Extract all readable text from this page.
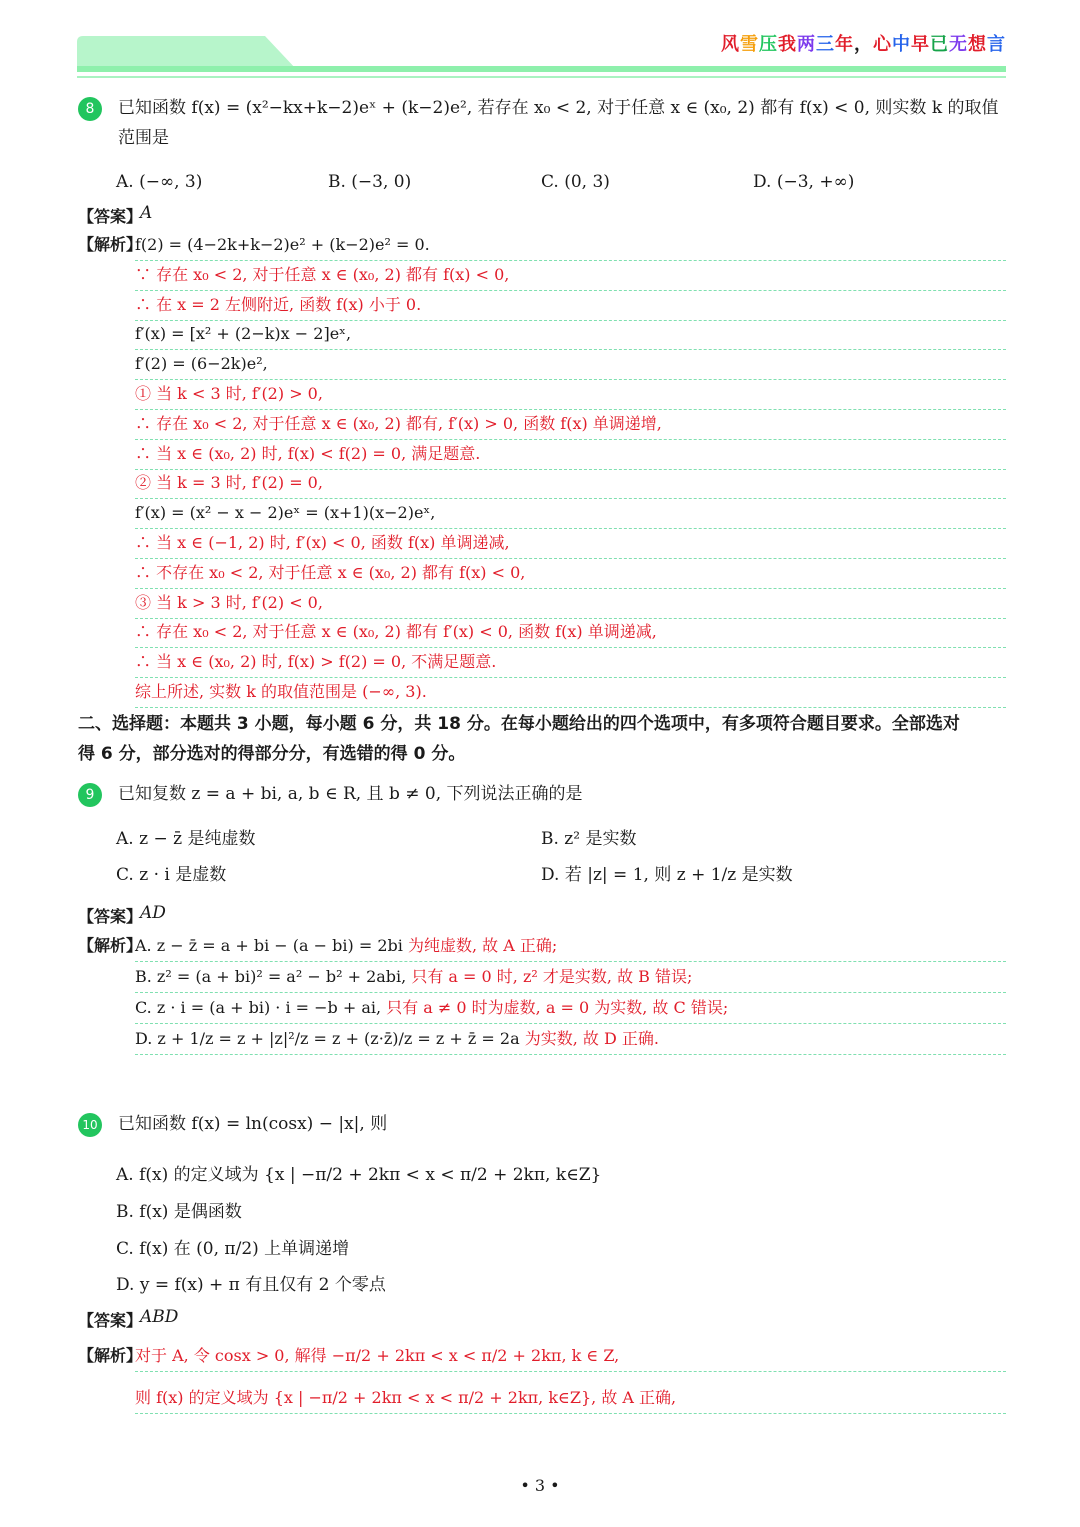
风雪压我两三年，心中早已无想言
8	已知函数 f(x) = (x²−kx+k−2)eˣ + (k−2)e², 若存在 x₀ < 2, 对于任意 x ∈ (x₀, 2) 都有 f(x) < 0, 则实数 k 的取值范围是
A. (−∞, 3)	B. (−3, 0)	C. (0, 3)	D. (−3, +∞)
【答案】
A
【解析】
f(2) = (4−2k+k−2)e² + (k−2)e² = 0.
∵ 存在 x₀ < 2, 对于任意 x ∈ (x₀, 2) 都有 f(x) < 0,
∴ 在 x = 2 左侧附近, 函数 f(x) 小于 0.
f′(x) = [x² + (2−k)x − 2]eˣ,
f′(2) = (6−2k)e²,
① 当 k < 3 时, f′(2) > 0,
∴ 存在 x₀ < 2, 对于任意 x ∈ (x₀, 2) 都有, f′(x) > 0, 函数 f(x) 单调递增,
∴ 当 x ∈ (x₀, 2) 时, f(x) < f(2) = 0, 满足题意.
② 当 k = 3 时, f′(2) = 0,
f′(x) = (x² − x − 2)eˣ = (x+1)(x−2)eˣ,
∴ 当 x ∈ (−1, 2) 时, f′(x) < 0, 函数 f(x) 单调递减,
∴ 不存在 x₀ < 2, 对于任意 x ∈ (x₀, 2) 都有 f(x) < 0,
③ 当 k > 3 时, f′(2) < 0,
∴ 存在 x₀ < 2, 对于任意 x ∈ (x₀, 2) 都有 f′(x) < 0, 函数 f(x) 单调递减,
∴ 当 x ∈ (x₀, 2) 时, f(x) > f(2) = 0, 不满足题意.
综上所述, 实数 k 的取值范围是 (−∞, 3).
二、选择题：本题共 3 小题，每小题 6 分，共 18 分。在每小题给出的四个选项中，有多项符合题目要求。全部选对
得 6 分，部分选对的得部分分，有选错的得 0 分。
9	已知复数 z = a + bi, a, b ∈ R, 且 b ≠ 0, 下列说法正确的是
A. z − z̄ 是纯虚数	B. z² 是实数
C. z · i 是虚数	D. 若 |z| = 1, 则 z + 1/z 是实数
【答案】
AD
【解析】
A. z − z̄ = a + bi − (a − bi) = 2bi 为纯虚数, 故 A 正确;
B. z² = (a + bi)² = a² − b² + 2abi, 只有 a = 0 时, z² 才是实数, 故 B 错误;
C. z · i = (a + bi) · i = −b + ai, 只有 a ≠ 0 时为虚数, a = 0 为实数, 故 C 错误;
D. z + 1/z = z + |z|²/z = z + (z·z̄)/z = z + z̄ = 2a 为实数, 故 D 正确.
10	已知函数 f(x) = ln(cosx) − |x|, 则
A. f(x) 的定义域为 {x | −π/2 + 2kπ < x < π/2 + 2kπ, k∈Z}
B. f(x) 是偶函数
C. f(x) 在 (0, π/2) 上单调递增
D. y = f(x) + π 有且仅有 2 个零点
【答案】
ABD
【解析】
对于 A, 令 cosx > 0, 解得 −π/2 + 2kπ < x < π/2 + 2kπ, k ∈ Z,
则 f(x) 的定义域为 {x | −π/2 + 2kπ < x < π/2 + 2kπ, k∈Z}, 故 A 正确,
• 3 •
